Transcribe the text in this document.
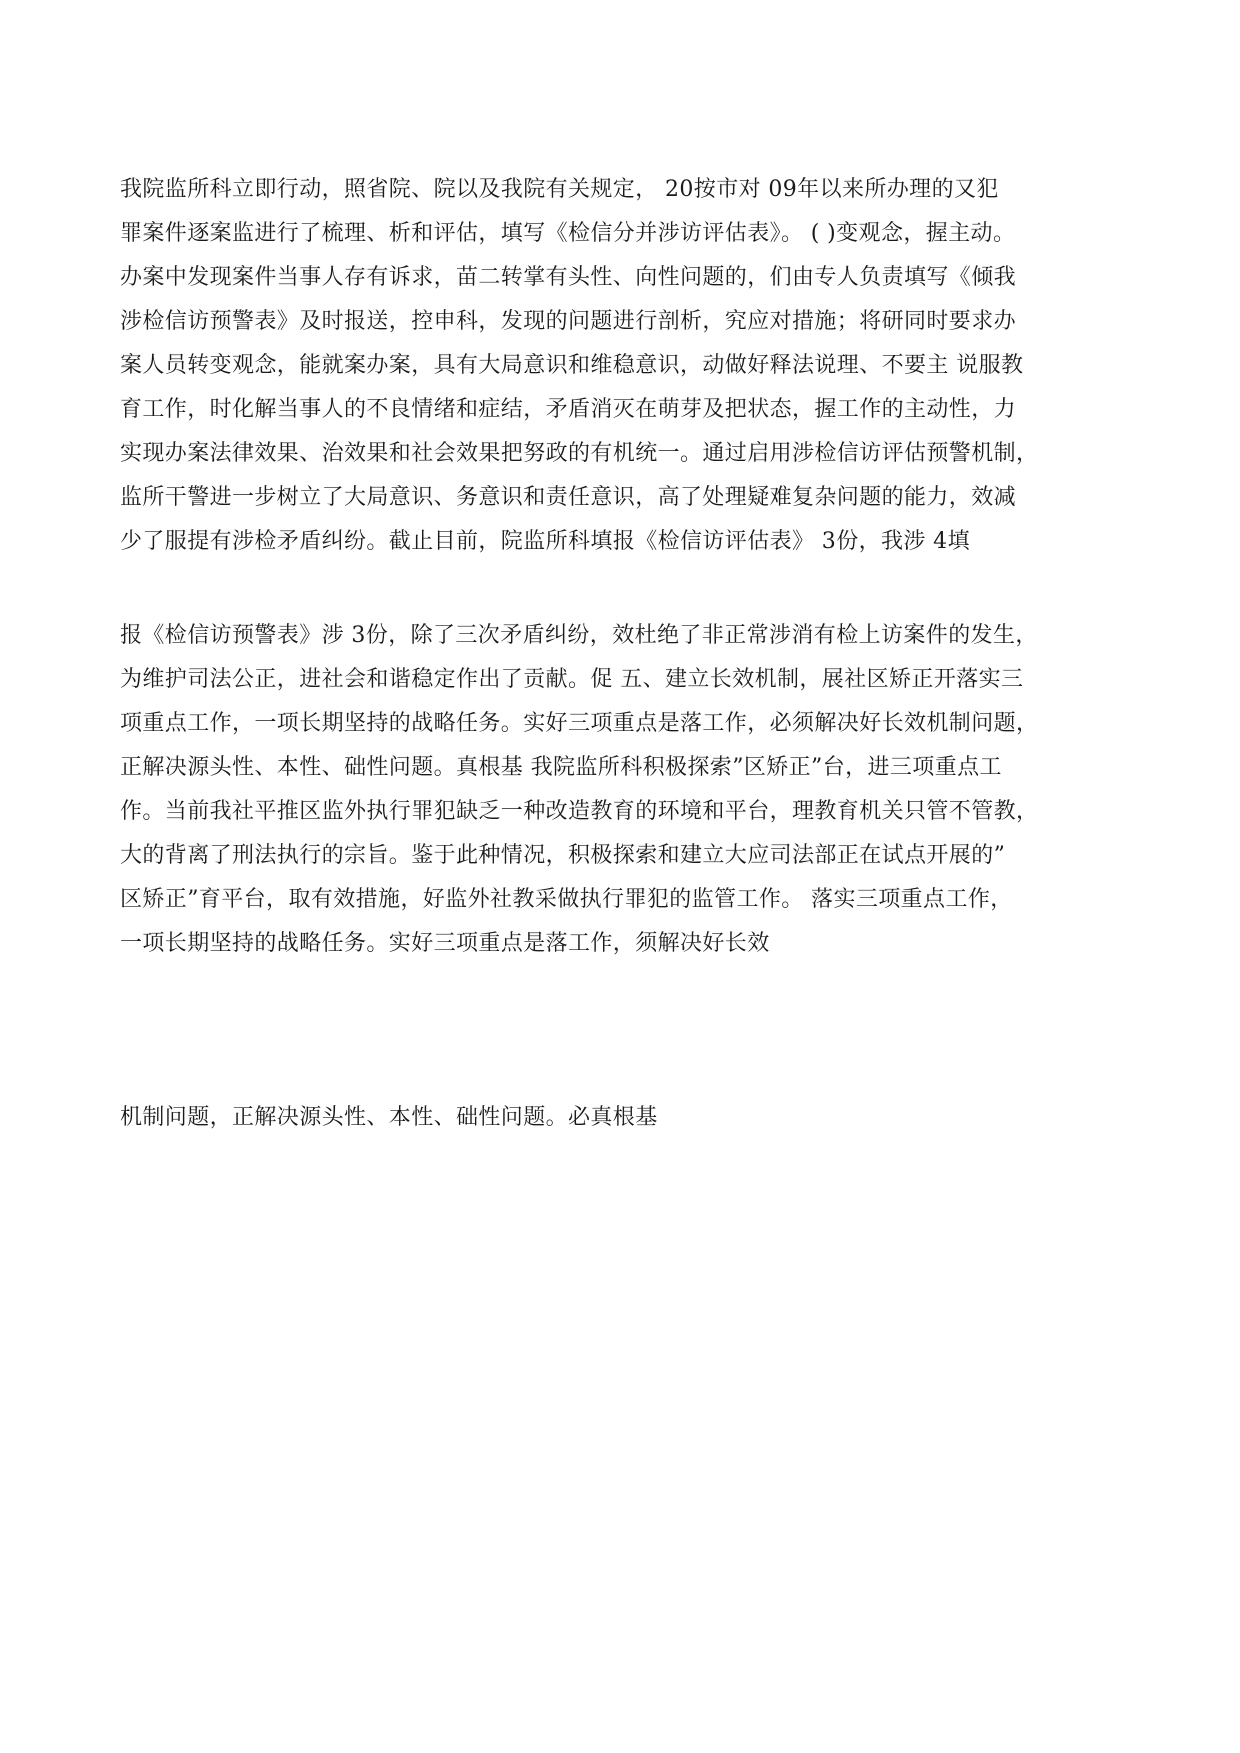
我院监所科立即行动，照省院、院以及我院有关规定， 20按市对 09年以来所办理的又犯
罪案件逐案监进行了梳理、析和评估，填写《检信分并涉访评估表》。 ( )变观念，握主动。
办案中发现案件当事人存有诉求，苗二转掌有头性、向性问题的，们由专人负责填写《倾我
涉检信访预警表》及时报送，控申科，发现的问题进行剖析，究应对措施；将研同时要求办
案人员转变观念，能就案办案，具有大局意识和维稳意识，动做好释法说理、不要主 说服教
育工作，时化解当事人的不良情绪和症结，矛盾消灭在萌芽及把状态，握工作的主动性，力
实现办案法律效果、治效果和社会效果把努政的有机统一。通过启用涉检信访评估预警机制，
监所干警进一步树立了大局意识、务意识和责任意识，高了处理疑难复杂问题的能力，效减
少了服提有涉检矛盾纠纷。截止目前，院监所科填报《检信访评估表》 3份，我涉 4填
报《检信访预警表》涉 3份，除了三次矛盾纠纷，效杜绝了非正常涉消有检上访案件的发生，
为维护司法公正，进社会和谐稳定作出了贡献。促 五、建立长效机制，展社区矫正开落实三
项重点工作，一项长期坚持的战略任务。实好三项重点是落工作，必须解决好长效机制问题，
正解决源头性、本性、础性问题。真根基 我院监所科积极探索”区矫正”台，进三项重点工
作。当前我社平推区监外执行罪犯缺乏一种改造教育的环境和平台，理教育机关只管不管教，
大的背离了刑法执行的宗旨。鉴于此种情况，积极探索和建立大应司法部正在试点开展的”
区矫正”育平台，取有效措施，好监外社教采做执行罪犯的监管工作。 落实三项重点工作，
一项长期坚持的战略任务。实好三项重点是落工作，须解决好长效
机制问题，正解决源头性、本性、础性问题。必真根基
